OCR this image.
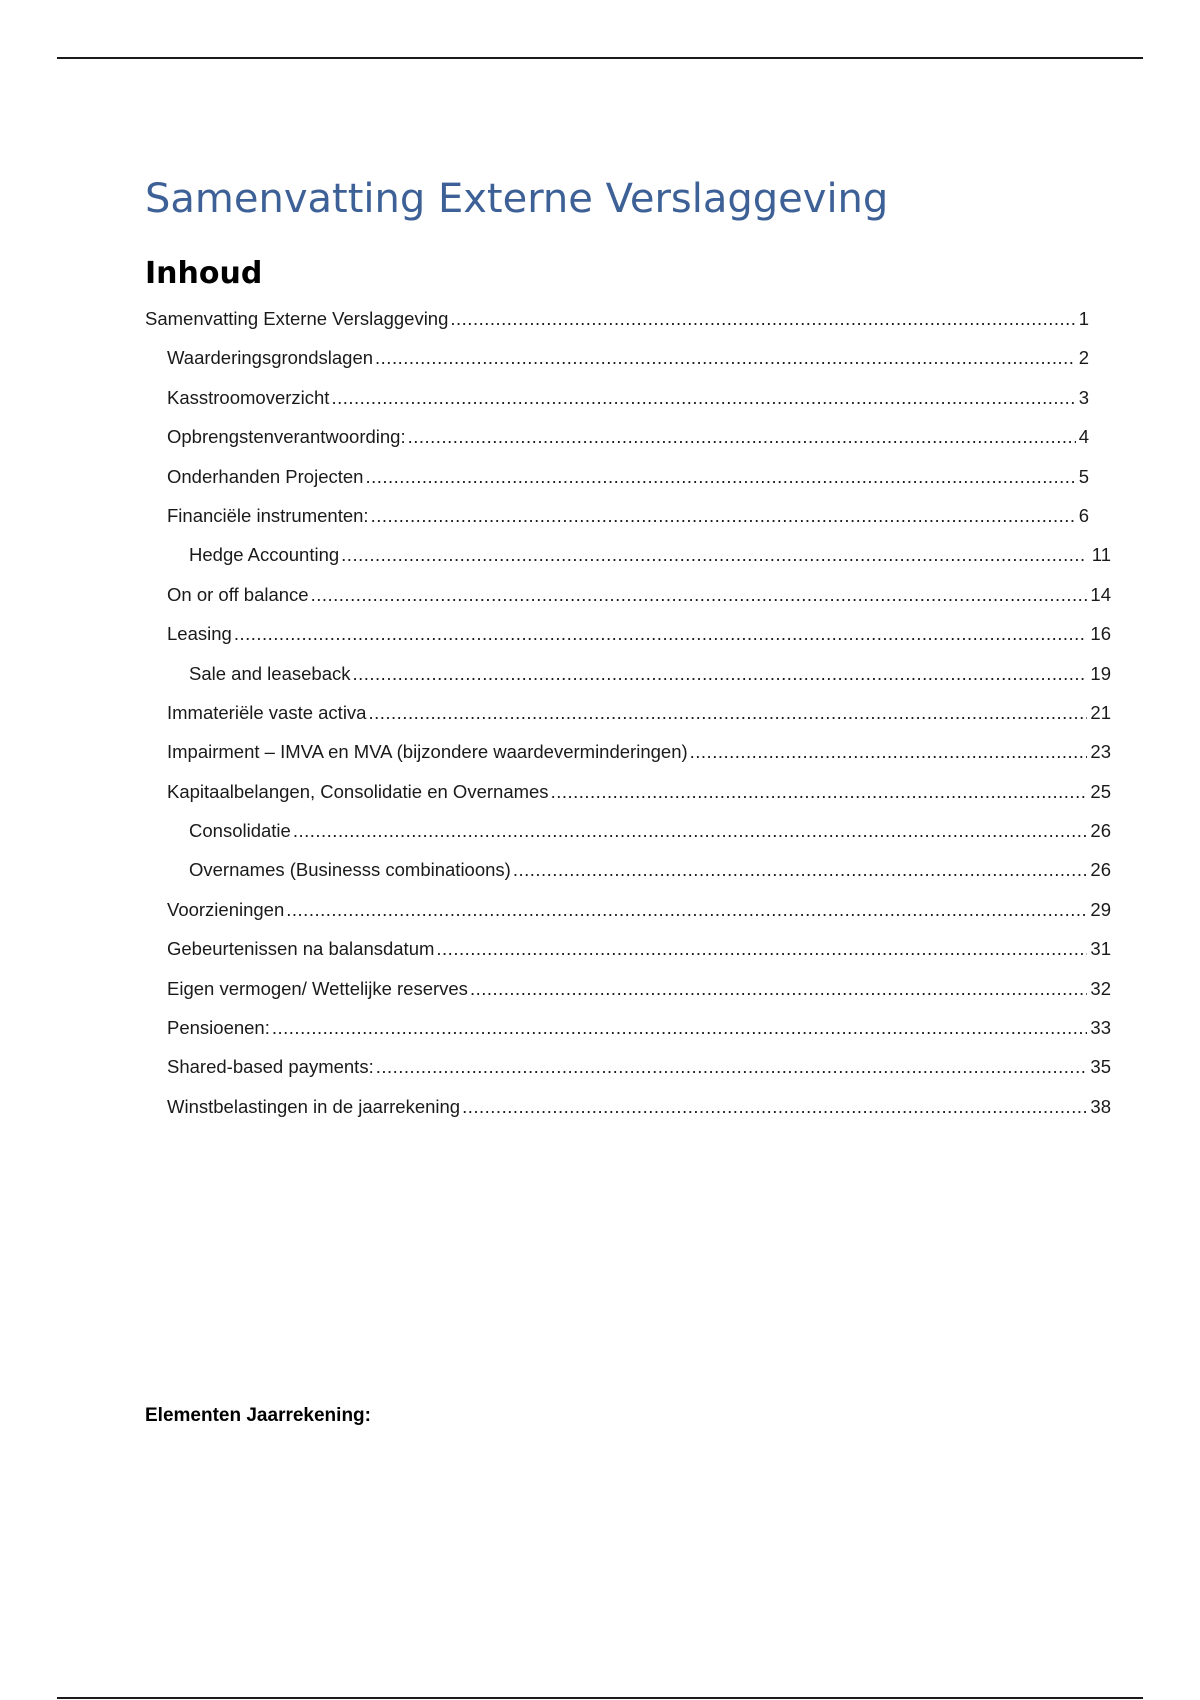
Samenvatting Externe Verslaggeving
Inhoud
Samenvatting Externe Verslaggeving .....	1
Waarderingsgrondslagen .....	2
Kasstroomoverzicht .....	3
Opbrengstenverantwoording: .....	4
Onderhanden Projecten .....	5
Financiële instrumenten: .....	6
Hedge Accounting .....	11
On or off balance .....	14
Leasing .....	16
Sale and leaseback .....	19
Immateriële vaste activa .....	21
Impairment – IMVA en MVA (bijzondere waardeverminderingen) .....	23
Kapitaalbelangen, Consolidatie en Overnames .....	25
Consolidatie .....	26
Overnames (Businesss combinatioons) .....	26
Voorzieningen .....	29
Gebeurtenissen na balansdatum .....	31
Eigen vermogen/ Wettelijke reserves .....	32
Pensioenen: .....	33
Shared-based payments: .....	35
Winstbelastingen in de jaarrekening .....	38

Elementen Jaarrekening:
